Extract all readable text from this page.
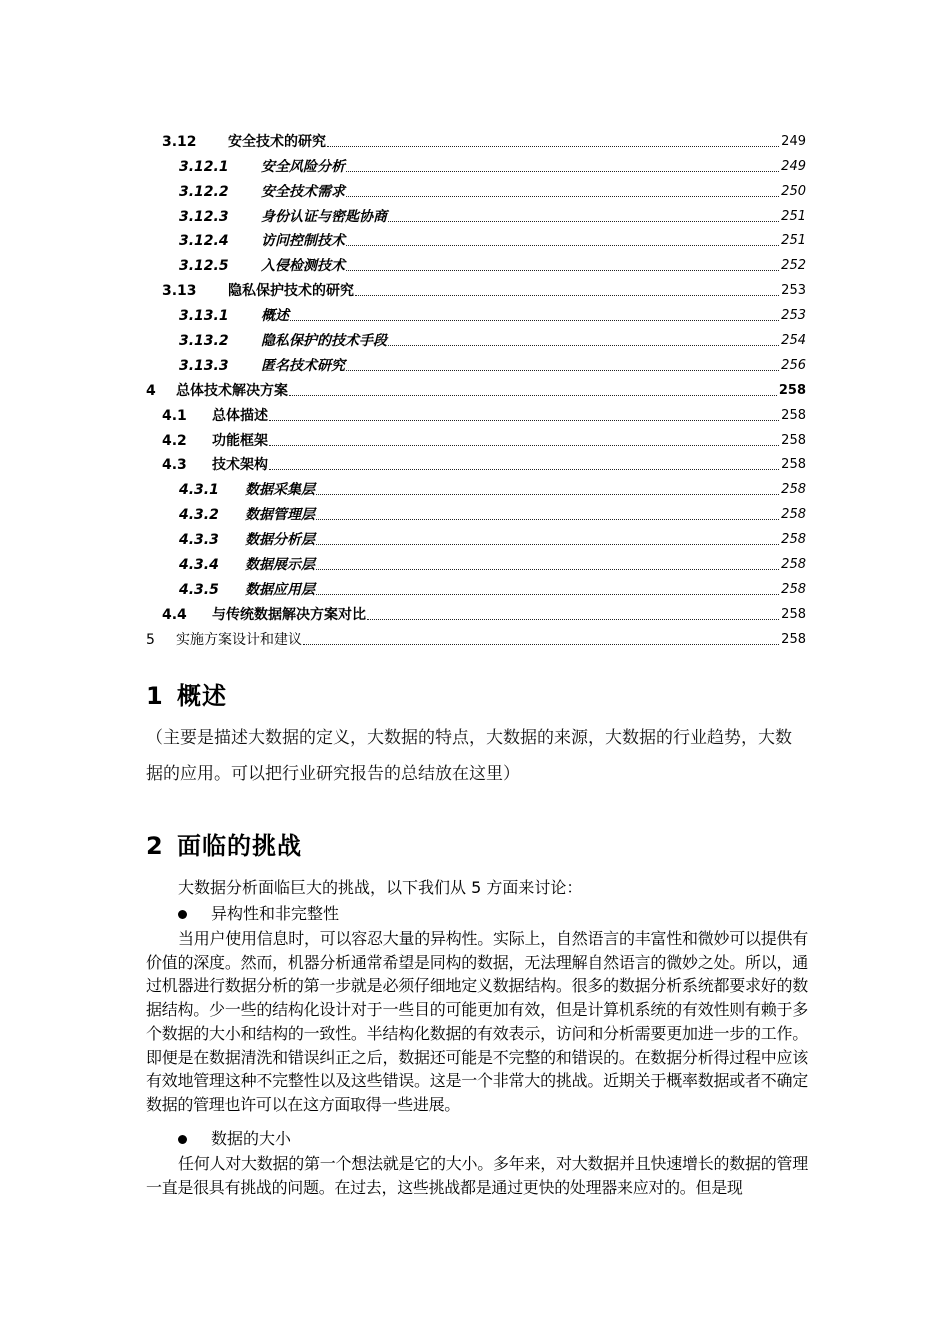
3.12	安全技术的研究	249
3.12.1	安全风险分析	249
3.12.2	安全技术需求	250
3.12.3	身份认证与密匙协商	251
3.12.4	访问控制技术	251
3.12.5	入侵检测技术	252
3.13	隐私保护技术的研究	253
3.13.1	概述	253
3.13.2	隐私保护的技术手段	254
3.13.3	匿名技术研究	256
4	总体技术解决方案	258
4.1	总体描述	258
4.2	功能框架	258
4.3	技术架构	258
4.3.1	数据采集层	258
4.3.2	数据管理层	258
4.3.3	数据分析层	258
4.3.4	数据展示层	258
4.3.5	数据应用层	258
4.4	与传统数据解决方案对比	258
5	实施方案设计和建议	258
1 概述
（主要是描述大数据的定义，大数据的特点，大数据的来源，大数据的行业趋势，大数据的应用。可以把行业研究报告的总结放在这里）
2 面临的挑战
大数据分析面临巨大的挑战，以下我们从 5 方面来讨论：
异构性和非完整性
当用户使用信息时，可以容忍大量的异构性。实际上，自然语言的丰富性和微妙可以提供有价值的深度。然而，机器分析通常希望是同构的数据，无法理解自然语言的微妙之处。所以，通过机器进行数据分析的第一步就是必须仔细地定义数据结构。很多的数据分析系统都要求好的数据结构。少一些的结构化设计对于一些目的可能更加有效，但是计算机系统的有效性则有赖于多个数据的大小和结构的一致性。半结构化数据的有效表示，访问和分析需要更加进一步的工作。即便是在数据清洗和错误纠正之后，数据还可能是不完整的和错误的。在数据分析得过程中应该有效地管理这种不完整性以及这些错误。这是一个非常大的挑战。近期关于概率数据或者不确定数据的管理也许可以在这方面取得一些进展。
数据的大小
任何人对大数据的第一个想法就是它的大小。多年来，对大数据并且快速增长的数据的管理一直是很具有挑战的问题。在过去，这些挑战都是通过更快的处理器来应对的。但是现
